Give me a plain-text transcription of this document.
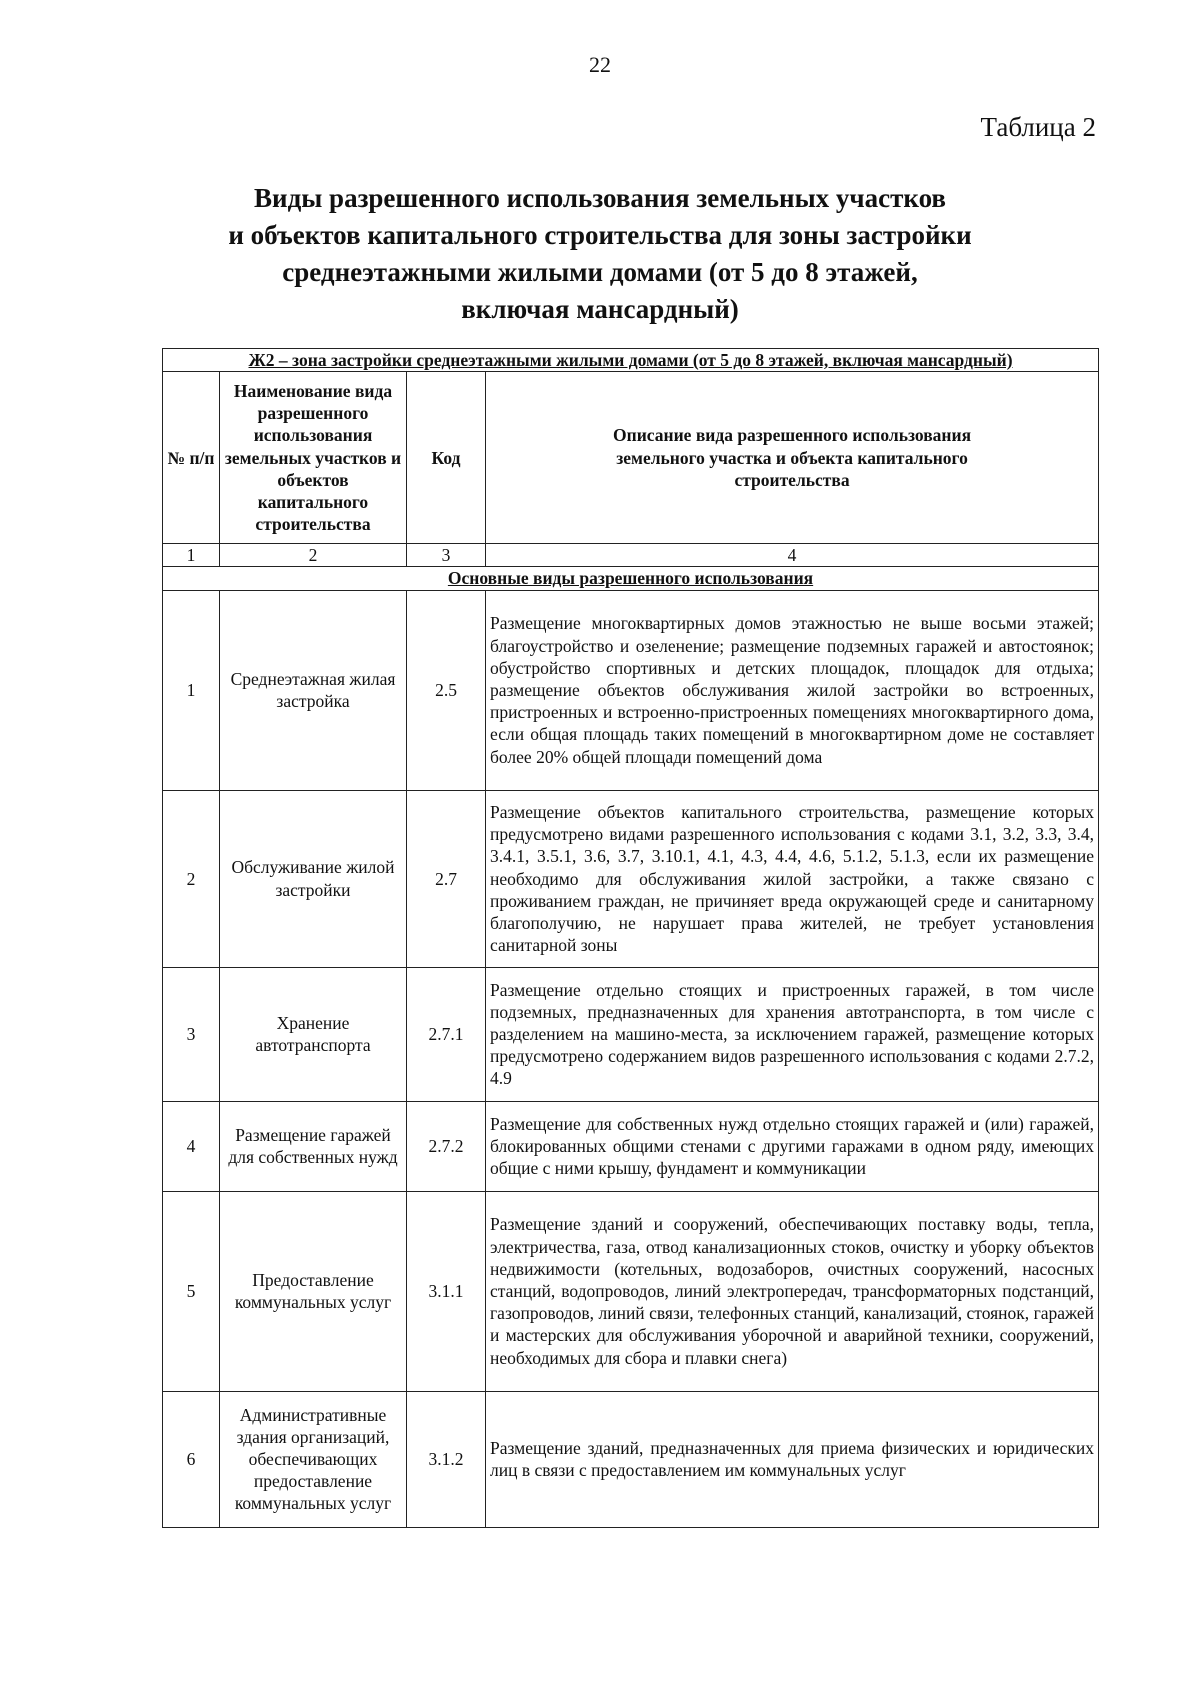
22
Таблица 2
Виды разрешенного использования земельных участков
и объектов капитального строительства для зоны застройки
среднеэтажными жилыми домами (от 5 до 8 этажей,
включая мансардный)
Ж2 – зона застройки среднеэтажными жилыми домами (от 5 до 8 этажей, включая мансардный)			
№ п/п	Наименование вида разрешенного использования земельных участков и объектов капитального строительства	Код	Описание вида разрешенного использования земельного участка и объекта капитального строительства
1	2	3	4
Основные виды разрешенного использования			
1	Среднеэтажная жилая застройка	2.5	Размещение многоквартирных домов этажностью не выше восьми этажей; благоустройство и озеленение; размещение подземных гаражей и автостоянок; обустройство спортивных и детских площадок, площадок для отдыха; размещение объектов обслуживания жилой застройки во встроенных, пристроенных и встроенно-пристроенных помещениях многоквартирного дома, если общая площадь таких помещений в многоквартирном доме не составляет более 20% общей площади помещений дома
2	Обслуживание жилой застройки	2.7	Размещение объектов капитального строительства, размещение которых предусмотрено видами разрешенного использования с кодами 3.1, 3.2, 3.3, 3.4, 3.4.1, 3.5.1, 3.6, 3.7, 3.10.1, 4.1, 4.3, 4.4, 4.6, 5.1.2, 5.1.3, если их размещение необходимо для обслуживания жилой застройки, а также связано с проживанием граждан, не причиняет вреда окружающей среде и санитарному благополучию, не нарушает права жителей, не требует установления санитарной зоны
3	Хранение автотранспорта	2.7.1	Размещение отдельно стоящих и пристроенных гаражей, в том числе подземных, предназначенных для хранения автотранспорта, в том числе с разделением на машино-места, за исключением гаражей, размещение которых предусмотрено содержанием видов разрешенного использования с кодами 2.7.2, 4.9
4	Размещение гаражей для собственных нужд	2.7.2	Размещение для собственных нужд отдельно стоящих гаражей и (или) гаражей, блокированных общими стенами с другими гаражами в одном ряду, имеющих общие с ними крышу, фундамент и коммуникации
5	Предоставление коммунальных услуг	3.1.1	Размещение зданий и сооружений, обеспечивающих поставку воды, тепла, электричества, газа, отвод канализационных стоков, очистку и уборку объектов недвижимости (котельных, водозаборов, очистных сооружений, насосных станций, водопроводов, линий электропередач, трансформаторных подстанций, газопроводов, линий связи, телефонных станций, канализаций, стоянок, гаражей и мастерских для обслуживания уборочной и аварийной техники, сооружений, необходимых для сбора и плавки снега)
6	Административные здания организаций, обеспечивающих предоставление коммунальных услуг	3.1.2	Размещение зданий, предназначенных для приема физических и юридических лиц в связи с предоставлением им коммунальных услуг
